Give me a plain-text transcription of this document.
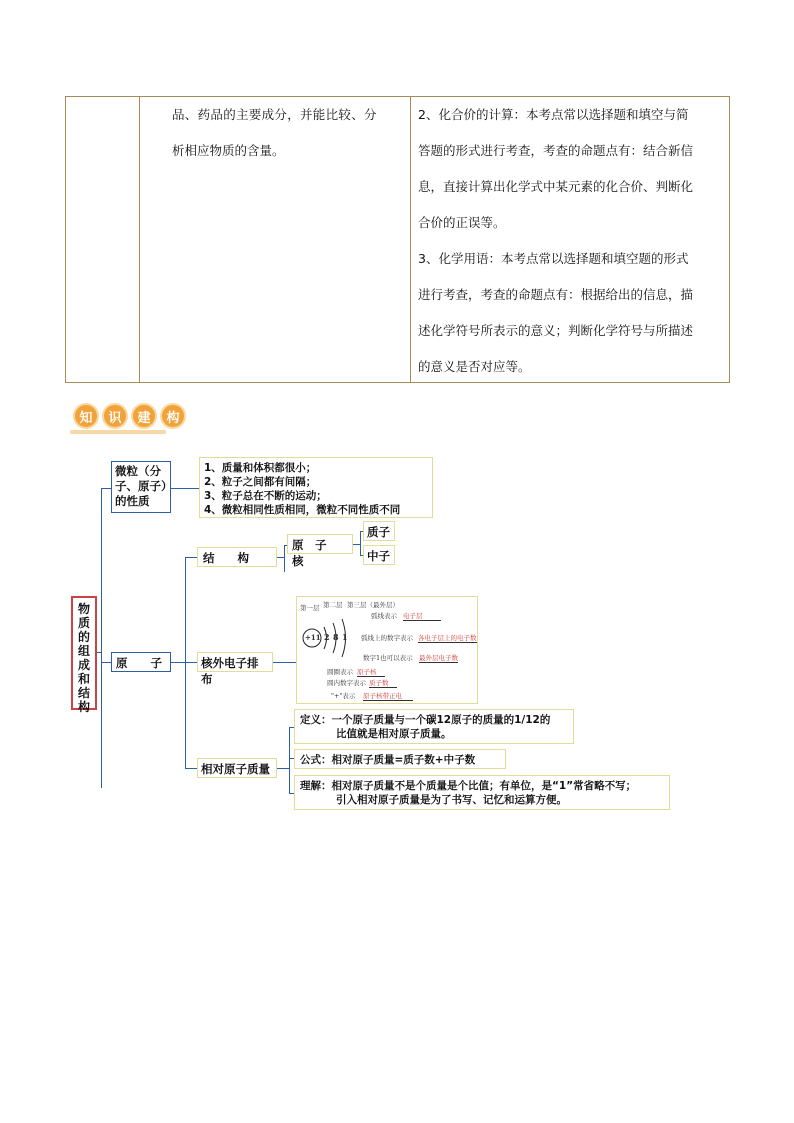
品、药品的主要成分，并能比较、分
析相应物质的含量。
2、化合价的计算：本考点常以选择题和填空与简
答题的形式进行考查，考查的命题点有：结合新信
息，直接计算出化学式中某元素的化合价、判断化
合价的正误等。
3、化学用语：本考点常以选择题和填空题的形式
进行考查，考查的命题点有：根据给出的信息，描
述化学符号所表示的意义；判断化学符号与所描述
的意义是否对应等。
知	识	建	构
物质的组成和结构
微粒（分子、原子）的性质
1、质量和体积都很小；
2、粒子之间都有间隔；
3、粒子总在不断的运动；
4、微粒相同性质相同，微粒不同性质不同
原　　子
结　　构
原　子　核
质子
中子
核外电子排布
第一层 第二层 第三层（最外层）
+11 2 8 1
弧线表示 电子层
弧线上的数字表示 各电子层上的电子数
数字1也可以表示 最外层电子数
圆圈表示 原子核
圆内数字表示 质子数
"+"表示 原子核带正电
相对原子质量
定义：一个原子质量与一个碳12原子的质量的1/12的
比值就是相对原子质量。
公式：相对原子质量=质子数+中子数
理解：相对原子质量不是个质量是个比值；有单位，是“1”常省略不写；
引入相对原子质量是为了书写、记忆和运算方便。
